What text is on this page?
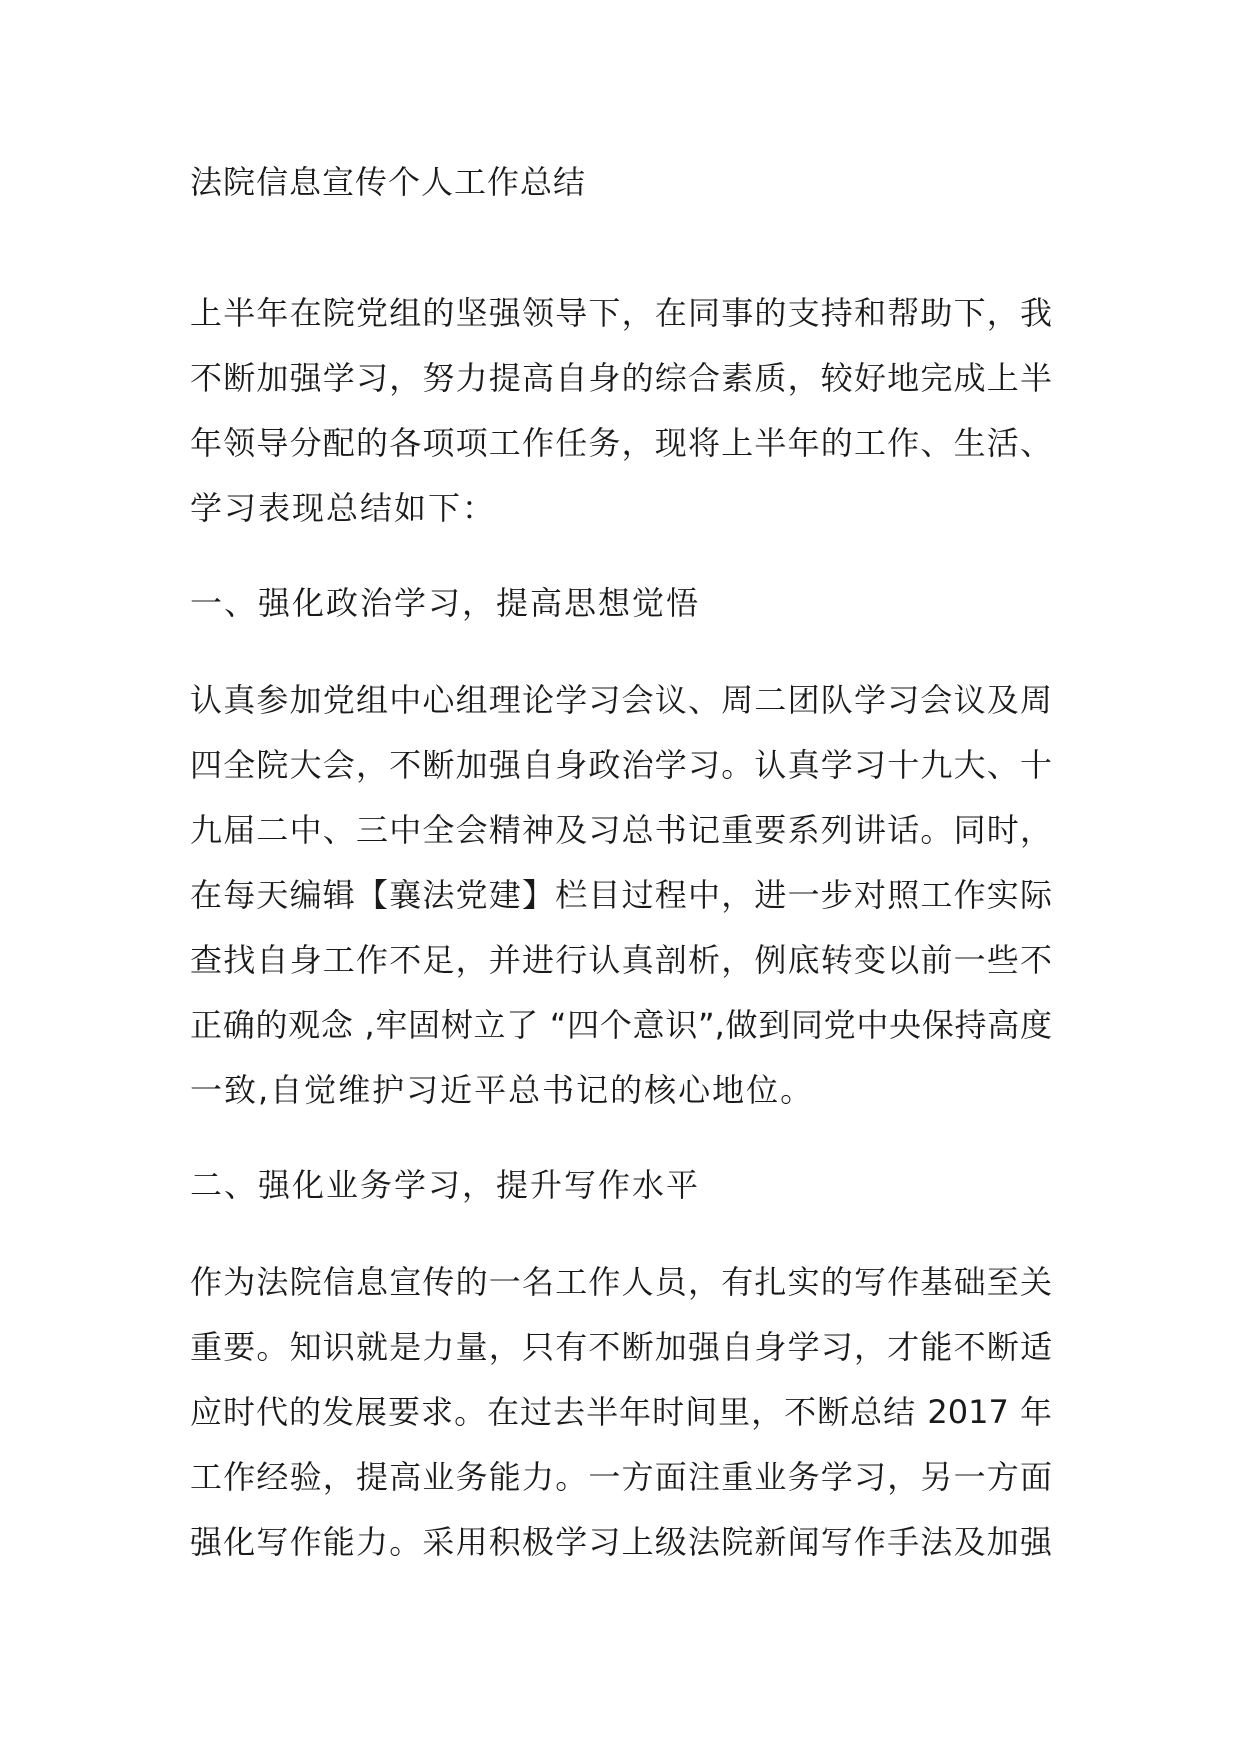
法院信息宣传个人工作总结

上半年在院党组的坚强领导下，在同事的支持和帮助下，我

不断加强学习，努力提高自身的综合素质，较好地完成上半

年领导分配的各项项工作任务，现将上半年的工作、生活、

学习表现总结如下：

一、强化政治学习，提高思想觉悟

认真参加党组中心组理论学习会议、周二团队学习会议及周

四全院大会，不断加强自身政治学习。认真学习十九大、十

九届二中、三中全会精神及习总书记重要系列讲话。同时，

在每天编辑【襄法党建】栏目过程中，进一步对照工作实际

查找自身工作不足，并进行认真剖析，例底转变以前一些不

正确的观念 ,牢固树立了 “四个意识”,做到同党中央保持高度

一致,自觉维护习近平总书记的核心地位。

二、强化业务学习，提升写作水平

作为法院信息宣传的一名工作人员，有扎实的写作基础至关

重要。知识就是力量，只有不断加强自身学习，才能不断适

应时代的发展要求。在过去半年时间里，不断总结 2017 年

工作经验，提高业务能力。一方面注重业务学习，另一方面

强化写作能力。采用积极学习上级法院新闻写作手法及加强
